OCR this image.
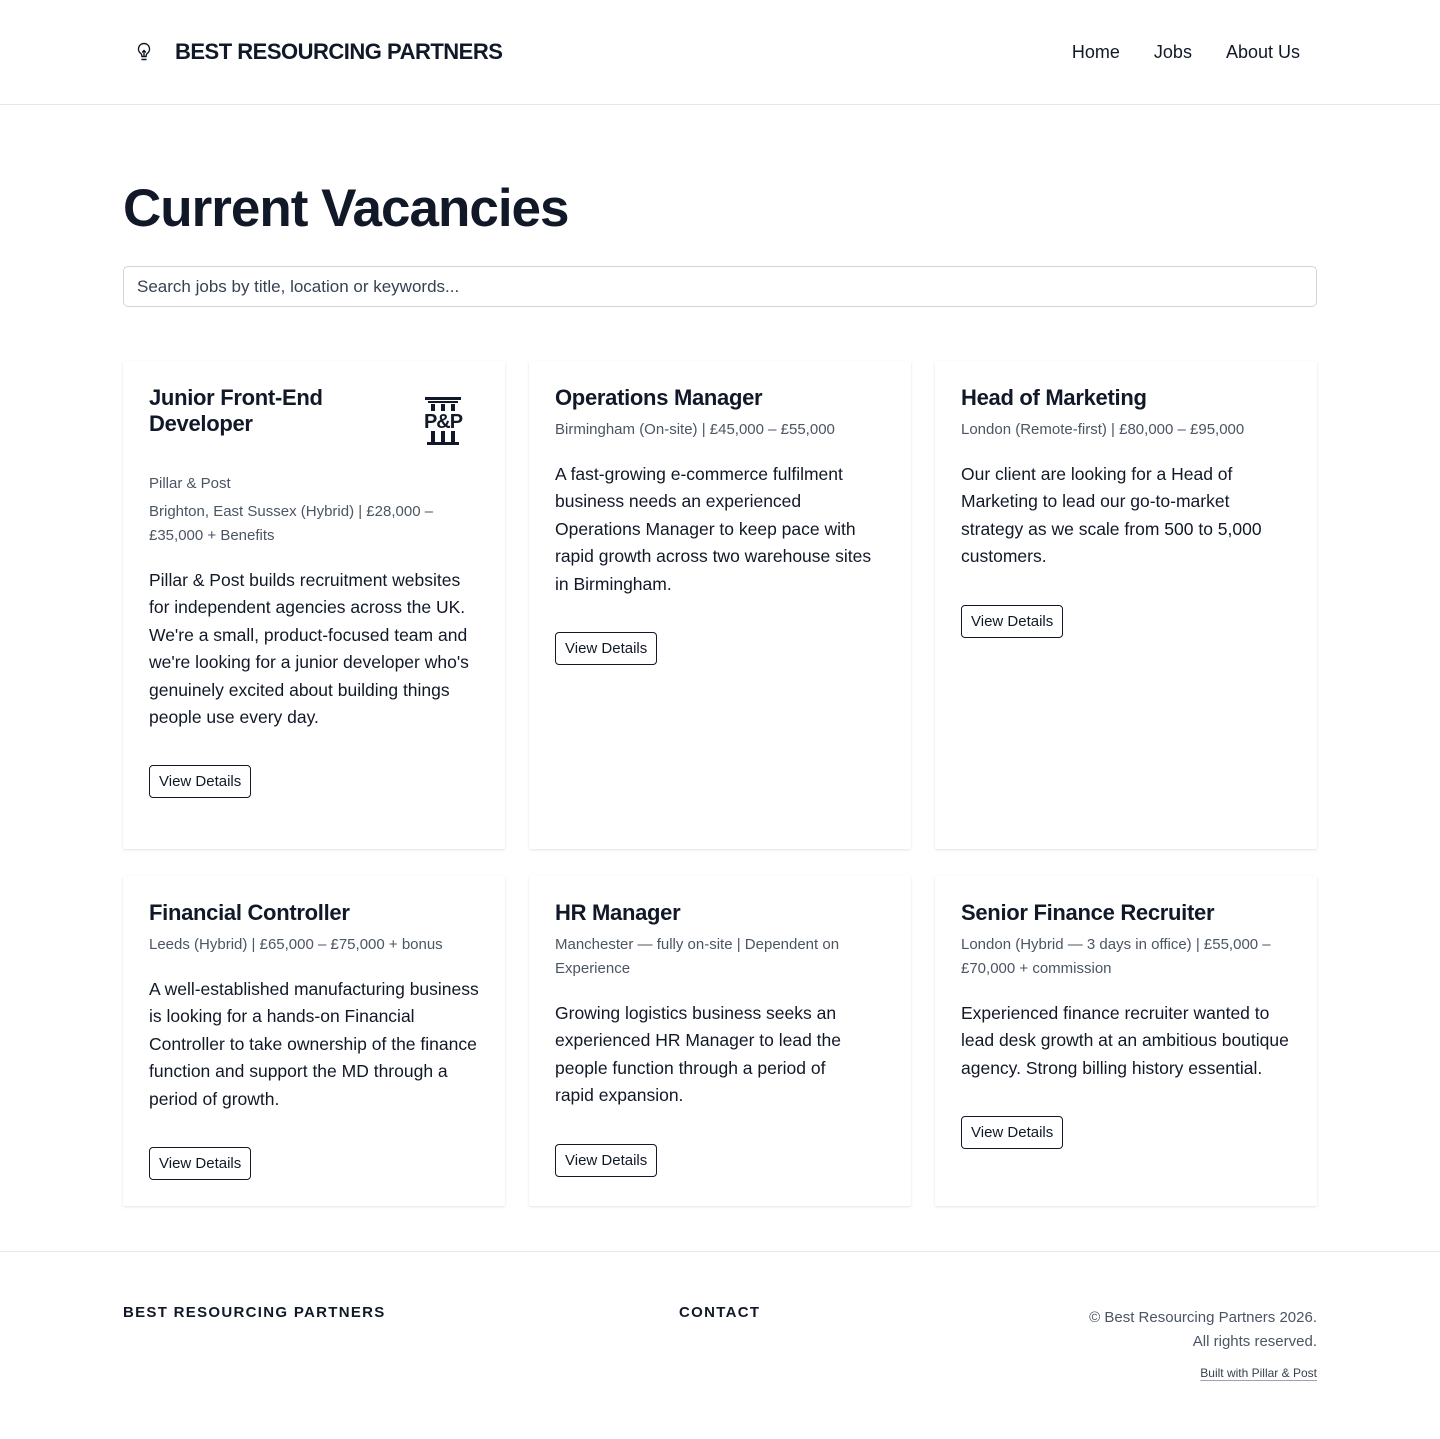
BEST RESOURCING PARTNERS	Home Jobs About Us
Current Vacancies
Search jobs by title, location or keywords...
Junior Front-End Developer	P&P
Pillar & Post
Brighton, East Sussex (Hybrid) | £28,000 – £35,000 + Benefits

Pillar & Post builds recruitment websites for independent agencies across the UK. We're a small, product-focused team and we're looking for a junior developer who's genuinely excited about building things people use every day.

View Details
Operations Manager
Birmingham (On-site) | £45,000 – £55,000

A fast-growing e-commerce fulfilment business needs an experienced Operations Manager to keep pace with rapid growth across two warehouse sites in Birmingham.

View Details
Head of Marketing
London (Remote-first) | £80,000 – £95,000

Our client are looking for a Head of Marketing to lead our go-to-market strategy as we scale from 500 to 5,000 customers.

View Details
Financial Controller
Leeds (Hybrid) | £65,000 – £75,000 + bonus

A well-established manufacturing business is looking for a hands-on Financial Controller to take ownership of the finance function and support the MD through a period of growth.

View Details
HR Manager
Manchester — fully on-site | Dependent on Experience

Growing logistics business seeks an experienced HR Manager to lead the people function through a period of rapid expansion.

View Details
Senior Finance Recruiter
London (Hybrid — 3 days in office) | £55,000 – £70,000 + commission

Experienced finance recruiter wanted to lead desk growth at an ambitious boutique agency. Strong billing history essential.

View Details
BEST RESOURCING PARTNERS	CONTACT	© Best Resourcing Partners 2026.
All rights reserved.
Built with Pillar & Post
